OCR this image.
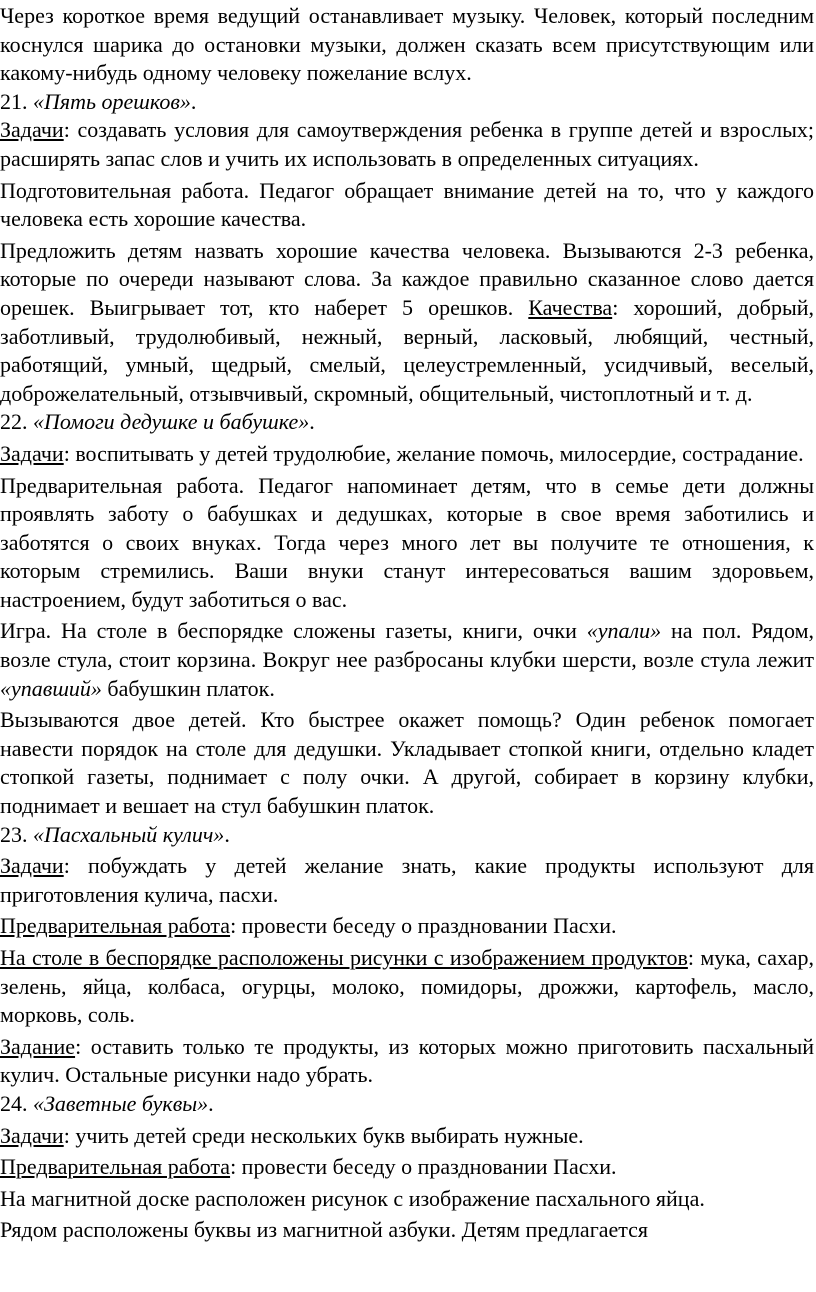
Через короткое время ведущий останавливает музыку. Человек, который последним коснулся шарика до остановки музыки, должен сказать всем присутствующим или какому-нибудь одному человеку пожелание вслух.

21. «Пять орешков».

Задачи: создавать условия для самоутверждения ребенка в группе детей и взрослых; расширять запас слов и учить их использовать в определенных ситуациях.

Подготовительная работа. Педагог обращает внимание детей на то, что у каждого человека есть хорошие качества.

Предложить детям назвать хорошие качества человека. Вызываются 2-3 ребенка, которые по очереди называют слова. За каждое правильно сказанное слово дается орешек. Выигрывает тот, кто наберет 5 орешков. Качества: хороший, добрый, заботливый, трудолюбивый, нежный, верный, ласковый, любящий, честный, работящий, умный, щедрый, смелый, целеустремленный, усидчивый, веселый, доброжелательный, отзывчивый, скромный, общительный, чистоплотный и т. д.

22. «Помоги дедушке и бабушке».

Задачи: воспитывать у детей трудолюбие, желание помочь, милосердие, сострадание.

Предварительная работа. Педагог напоминает детям, что в семье дети должны проявлять заботу о бабушках и дедушках, которые в свое время заботились и заботятся о своих внуках. Тогда через много лет вы получите те отношения, к которым стремились. Ваши внуки станут интересоваться вашим здоровьем, настроением, будут заботиться о вас.

Игра. На столе в беспорядке сложены газеты, книги, очки «упали» на пол. Рядом, возле стула, стоит корзина. Вокруг нее разбросаны клубки шерсти, возле стула лежит «упавший» бабушкин платок.

Вызываются двое детей. Кто быстрее окажет помощь? Один ребенок помогает навести порядок на столе для дедушки. Укладывает стопкой книги, отдельно кладет стопкой газеты, поднимает с полу очки. А другой, собирает в корзину клубки, поднимает и вешает на стул бабушкин платок.

23. «Пасхальный кулич».

Задачи: побуждать у детей желание знать, какие продукты используют для приготовления кулича, пасхи.

Предварительная работа: провести беседу о праздновании Пасхи.

На столе в беспорядке расположены рисунки с изображением продуктов: мука, сахар, зелень, яйца, колбаса, огурцы, молоко, помидоры, дрожжи, картофель, масло, морковь, соль.

Задание: оставить только те продукты, из которых можно приготовить пасхальный кулич. Остальные рисунки надо убрать.

24. «Заветные буквы».

Задачи: учить детей среди нескольких букв выбирать нужные.

Предварительная работа: провести беседу о праздновании Пасхи.

На магнитной доске расположен рисунок с изображение пасхального яйца.

Рядом расположены буквы из магнитной азбуки. Детям предлагается
